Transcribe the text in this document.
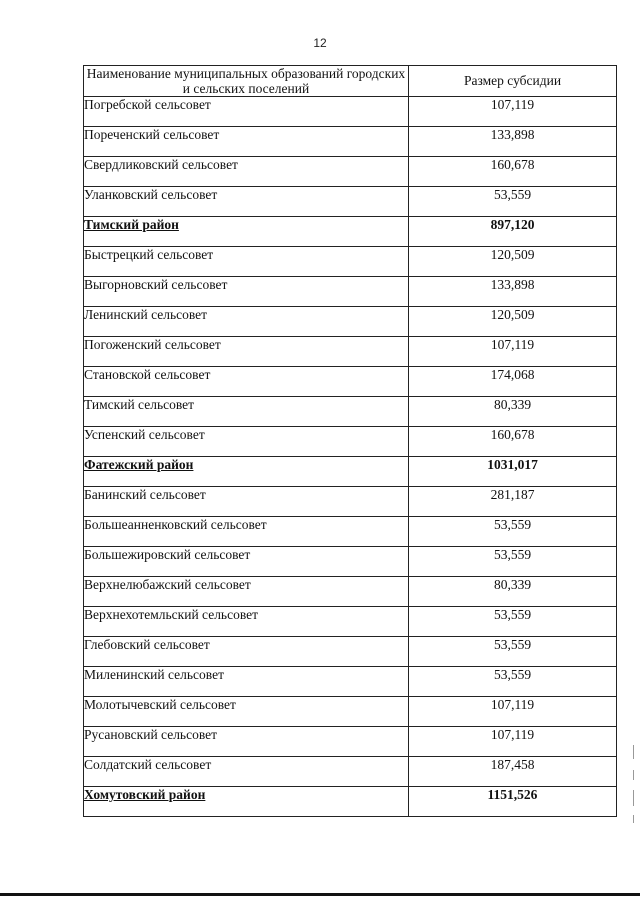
12
Наименование муниципальных образований городских и сельских поселений	Размер субсидии
Погребской сельсовет	107,119
Пореченский сельсовет	133,898
Свердликовский сельсовет	160,678
Уланковский сельсовет	53,559
Тимский район	897,120
Быстрецкий сельсовет	120,509
Выгорновский сельсовет	133,898
Ленинский сельсовет	120,509
Погоженский сельсовет	107,119
Становской сельсовет	174,068
Тимский сельсовет	80,339
Успенский сельсовет	160,678
Фатежский район	1031,017
Банинский сельсовет	281,187
Большеанненковский сельсовет	53,559
Большежировский сельсовет	53,559
Верхнелюбажский сельсовет	80,339
Верхнехотемльский сельсовет	53,559
Глебовский сельсовет	53,559
Миленинский сельсовет	53,559
Молотычевский сельсовет	107,119
Русановский сельсовет	107,119
Солдатский сельсовет	187,458
Хомутовский район	1151,526
